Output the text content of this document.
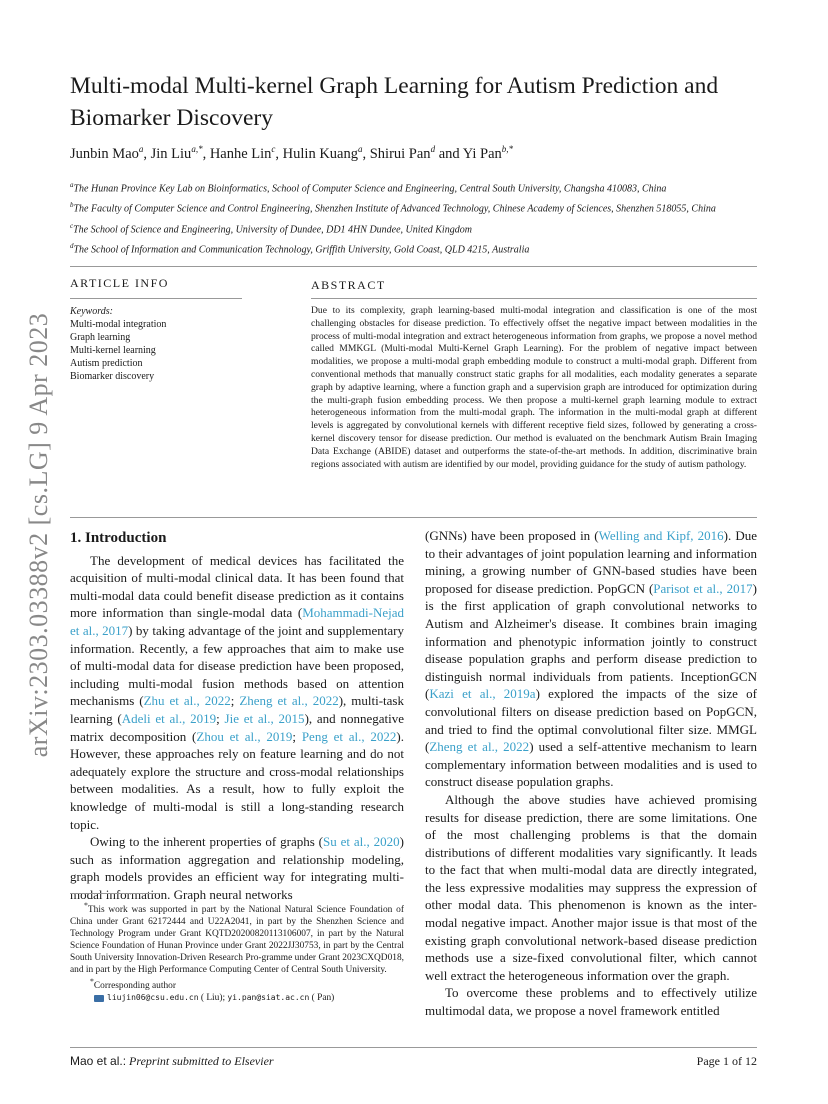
arXiv:2303.03388v2 [cs.LG] 9 Apr 2023
Multi-modal Multi-kernel Graph Learning for Autism Prediction and Biomarker Discovery
Junbin Mao$^a$, Jin Liu$^{a,*}$, Hanhe Lin$^c$, Hulin Kuang$^a$, Shirui Pan$^d$ and Yi Pan$^{b,*}$

$^a$The Hunan Province Key Lab on Bioinformatics, School of Computer Science and Engineering, Central South University, Changsha 410083, China

$^b$The Faculty of Computer Science and Control Engineering, Shenzhen Institute of Advanced Technology, Chinese Academy of Sciences, Shenzhen 518055, China

$^c$The School of Science and Engineering, University of Dundee, DD1 4HN Dundee, United Kingdom

$^d$The School of Information and Communication Technology, Griffith University, Gold Coast, QLD 4215, Australia

ARTICLE INFO	ABSTRACT
Keywords:
Multi-modal integration
Graph learning
Multi-kernel learning
Autism prediction
Biomarker discovery

Due to its complexity, graph learning-based multi-modal integration and classification is one of the most challenging obstacles for disease prediction. To effectively offset the negative impact between modalities in the process of multi-modal integration and extract heterogeneous information from graphs, we propose a novel method called MMKGL (Multi-modal Multi-Kernel Graph Learning). For the problem of negative impact between modalities, we propose a multi-modal graph embedding module to construct a multi-modal graph. Different from conventional methods that manually construct static graphs for all modalities, each modality generates a separate graph by adaptive learning, where a function graph and a supervision graph are introduced for optimization during the multi-graph fusion embedding process. We then propose a multi-kernel graph learning module to extract heterogeneous information from the multi-modal graph. The information in the multi-modal graph at different levels is aggregated by convolutional kernels with different receptive field sizes, followed by generating a cross-kernel discovery tensor for disease prediction. Our method is evaluated on the benchmark Autism Brain Imaging Data Exchange (ABIDE) dataset and outperforms the state-of-the-art methods. In addition, discriminative brain regions associated with autism are identified by our model, providing guidance for the study of autism pathology.

1. Introduction

The development of medical devices has facilitated the acquisition of multi-modal clinical data. It has been found that multi-modal data could benefit disease prediction as it contains more information than single-modal data (Mohammadi-Nejad et al., 2017) by taking advantage of the joint and supplementary information. Recently, a few approaches that aim to make use of multi-modal data for disease prediction have been proposed, including multi-modal fusion methods based on attention mechanisms (Zhu et al., 2022; Zheng et al., 2022), multi-task learning (Adeli et al., 2019; Jie et al., 2015), and nonnegative matrix decomposition (Zhou et al., 2019; Peng et al., 2022). However, these approaches rely on feature learning and do not adequately explore the structure and cross-modal relationships between modalities. As a result, how to fully exploit the knowledge of multi-modal is still a long-standing research topic.

Owing to the inherent properties of graphs (Su et al., 2020) such as information aggregation and relationship modeling, graph models provides an efficient way for integrating multi-modal information. Graph neural networks

*This work was supported in part by the National Natural Science Foundation of China under Grant 62172444 and U22A2041, in part by the Shenzhen Science and Technology Program under Grant KQTD20200820113106007, in part by the Natural Science Foundation of Hunan Province under Grant 2022JJ30753, in part by the Central South University Innovation-Driven Research Pro-gramme under Grant 2023CXQD018, and in part by the High Performance Computing Center of Central South University.

*Corresponding author

liujin06@csu.edu.cn ( Liu); yi.pan@siat.ac.cn ( Pan)

(GNNs) have been proposed in (Welling and Kipf, 2016). Due to their advantages of joint population learning and information mining, a growing number of GNN-based studies have been proposed for disease prediction. PopGCN (Parisot et al., 2017) is the first application of graph convolutional networks to Autism and Alzheimer's disease. It combines brain imaging information and phenotypic information jointly to construct disease population graphs and perform disease prediction to distinguish normal individuals from patients. InceptionGCN (Kazi et al., 2019a) explored the impacts of the size of convolutional filters on disease prediction based on PopGCN, and tried to find the optimal convolutional filter size. MMGL (Zheng et al., 2022) used a self-attentive mechanism to learn complementary information between modalities and is used to construct disease population graphs.

Although the above studies have achieved promising results for disease prediction, there are some limitations. One of the most challenging problems is that the domain distributions of different modalities vary significantly. It leads to the fact that when multi-modal data are directly integrated, the less expressive modalities may suppress the expression of other modal data. This phenomenon is known as the inter-modal negative impact. Another major issue is that most of the existing graph convolutional network-based disease prediction methods use a size-fixed convolutional filter, which cannot well extract the heterogeneous information over the graph.

To overcome these problems and to effectively utilize multimodal data, we propose a novel framework entitled

Mao et al.: Preprint submitted to Elsevier	Page 1 of 12
